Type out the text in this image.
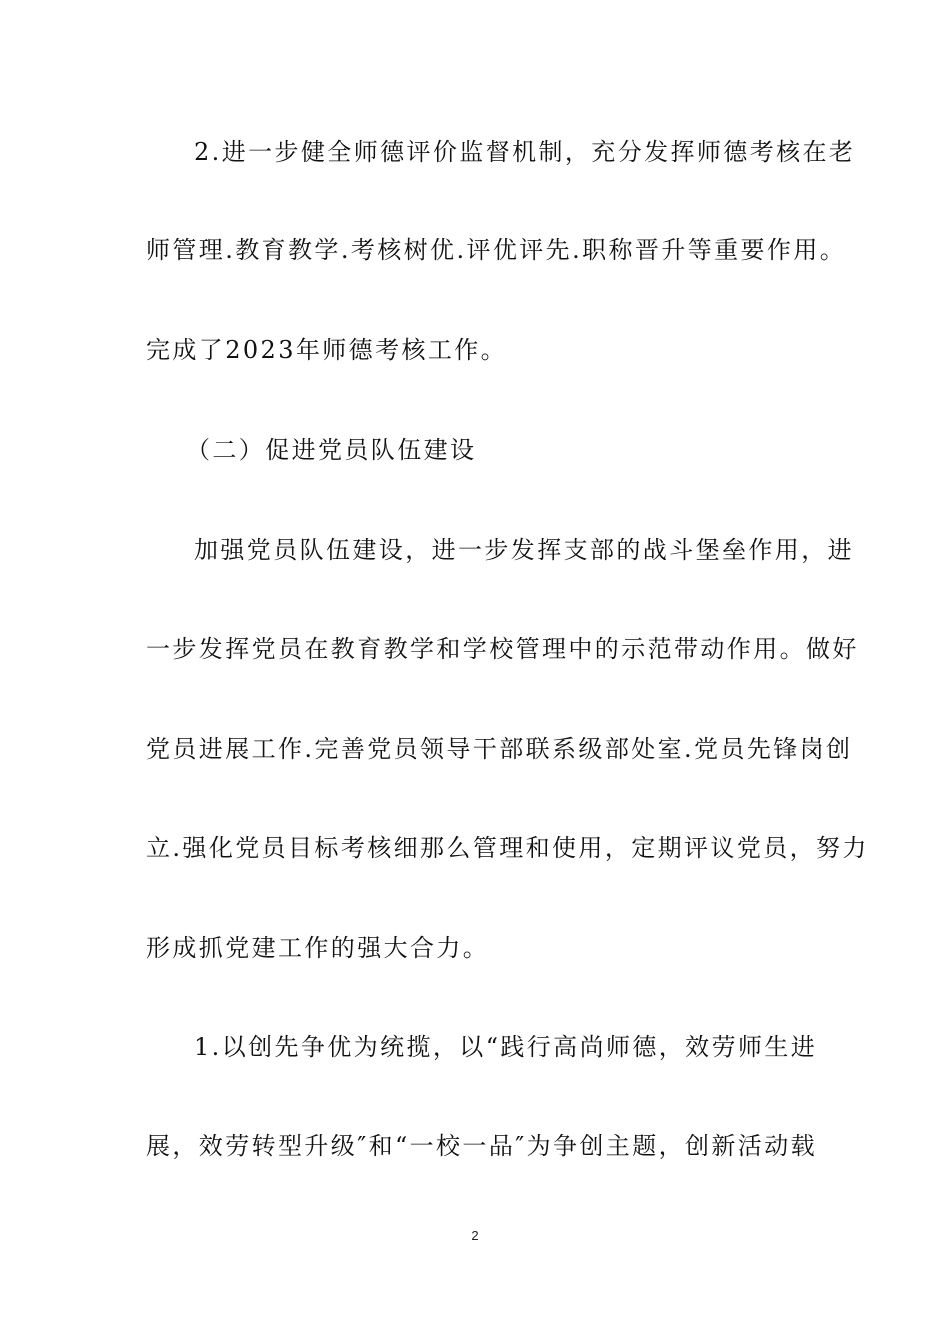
2.进一步健全师德评价监督机制，充分发挥师德考核在老
师管理.教育教学.考核树优.评优评先.职称晋升等重要作用。
完成了2023年师德考核工作。
（二）促进党员队伍建设
加强党员队伍建设，进一步发挥支部的战斗堡垒作用，进
一步发挥党员在教育教学和学校管理中的示范带动作用。做好
党员进展工作.完善党员领导干部联系级部处室.党员先锋岗创
立.强化党员目标考核细那么管理和使用，定期评议党员，努力
形成抓党建工作的强大合力。
1.以创先争优为统揽，以“践行高尚师德，效劳师生进
展，效劳转型升级″和“一校一品″为争创主题，创新活动载
2
